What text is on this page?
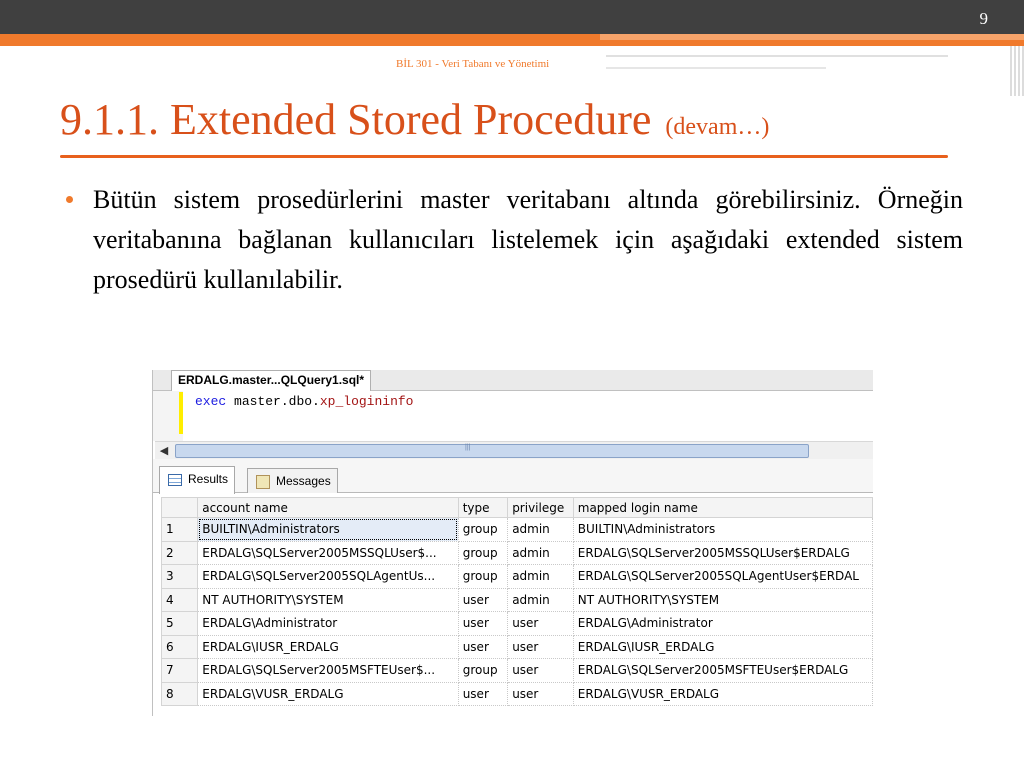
9
BİL 301 - Veri Tabanı ve Yönetimi
9.1.1. Extended Stored Procedure (devam…)
Bütün sistem prosedürlerini master veritabanı altında görebilirsiniz. Örneğin veritabanına bağlanan kullanıcıları listelemek için aşağıdaki extended sistem prosedürü kullanılabilir.
ERDALG.master...QLQuery1.sql*
exec master.dbo.xp_logininfo
◀	|||
Results	Messages
	account name	type	privilege	mapped login name
1	BUILTIN\Administrators	group	admin	BUILTIN\Administrators
2	ERDALG\SQLServer2005MSSQLUser$...	group	admin	ERDALG\SQLServer2005MSSQLUser$ERDALG
3	ERDALG\SQLServer2005SQLAgentUs...	group	admin	ERDALG\SQLServer2005SQLAgentUser$ERDAL
4	NT AUTHORITY\SYSTEM	user	admin	NT AUTHORITY\SYSTEM
5	ERDALG\Administrator	user	user	ERDALG\Administrator
6	ERDALG\IUSR_ERDALG	user	user	ERDALG\IUSR_ERDALG
7	ERDALG\SQLServer2005MSFTEUser$...	group	user	ERDALG\SQLServer2005MSFTEUser$ERDALG
8	ERDALG\VUSR_ERDALG	user	user	ERDALG\VUSR_ERDALG
